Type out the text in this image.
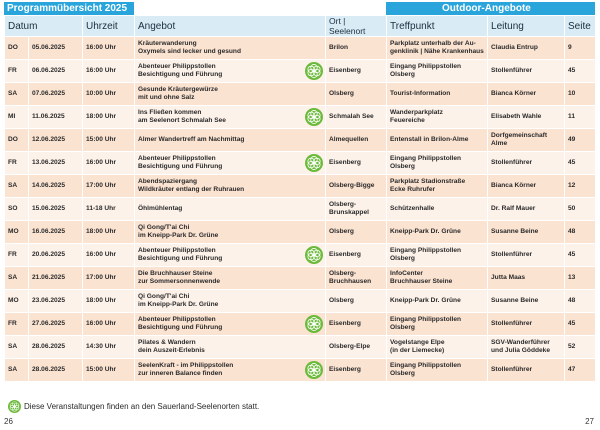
Programmübersicht 2025	Outdoor-Angebote
Datum		Uhrzeit	Angebot	Ort | Seelenort	Treffpunkt	Leitung	Seite
DO	05.06.2025	16:00 Uhr	Kräuterwanderung
Oxymels sind lecker und gesund	Brilon	Parkplatz unterhalb der Au-
genklinik | Nähe Krankenhaus	Claudia Entrup	9
FR	06.06.2025	16:00 Uhr	Abenteuer Philippstollen
Besichtigung und Führung	Eisenberg	Eingang Philippstollen
Olsberg	Stollenführer	45
SA	07.06.2025	10:00 Uhr	Gesunde Kräutergewürze
mit und ohne Salz	Olsberg	Tourist-Information	Bianca Körner	10
MI	11.06.2025	18:00 Uhr	Ins Fließen kommen
am Seelenort Schmalah See	Schmalah See	Wanderparkplatz
Feuereiche	Elisabeth Wahle	11
DO	12.06.2025	15:00 Uhr	Almer Wandertreff am Nachmittag	Almequellen	Entenstall in Brilon-Alme	Dorfgemeinschaft
Alme	49
FR	13.06.2025	16:00 Uhr	Abenteuer Philippstollen
Besichtigung und Führung	Eisenberg	Eingang Philippstollen
Olsberg	Stollenführer	45
SA	14.06.2025	17:00 Uhr	Abendspaziergang
Wildkräuter entlang der Ruhrauen	Olsberg-Bigge	Parkplatz Stadionstraße
Ecke Ruhrufer	Bianca Körner	12
SO	15.06.2025	11-18 Uhr	Öhlmühlentag	Olsberg-
Brunskappel	Schützenhalle	Dr. Ralf Mauer	50
MO	16.06.2025	18:00 Uhr	Qi Gong/T'ai Chi
im Kneipp-Park Dr. Grüne	Olsberg	Kneipp-Park Dr. Grüne	Susanne Beine	48
FR	20.06.2025	16:00 Uhr	Abenteuer Philippstollen
Besichtigung und Führung	Eisenberg	Eingang Philippstollen
Olsberg	Stollenführer	45
SA	21.06.2025	17:00 Uhr	Die Bruchhauser Steine
zur Sommersonnenwende	Olsberg-
Bruchhausen	InfoCenter
Bruchhauser Steine	Jutta Maas	13
MO	23.06.2025	18:00 Uhr	Qi Gong/T'ai Chi
im Kneipp-Park Dr. Grüne	Olsberg	Kneipp-Park Dr. Grüne	Susanne Beine	48
FR	27.06.2025	16:00 Uhr	Abenteuer Philippstollen
Besichtigung und Führung	Eisenberg	Eingang Philippstollen
Olsberg	Stollenführer	45
SA	28.06.2025	14:30 Uhr	Pilates & Wandern
dein Auszeit-Erlebnis	Olsberg-Elpe	Vogelstange Elpe
(in der Liemecke)	SGV-Wanderführer
und Julia Göddeke	52
SA	28.06.2025	15:00 Uhr	SeelenKraft - im Philippstollen
zur inneren Balance finden	Eisenberg	Eingang Philippstollen
Olsberg	Stollenführer	47
Diese Veranstaltungen finden an den Sauerland-Seelenorten statt.
26	27
